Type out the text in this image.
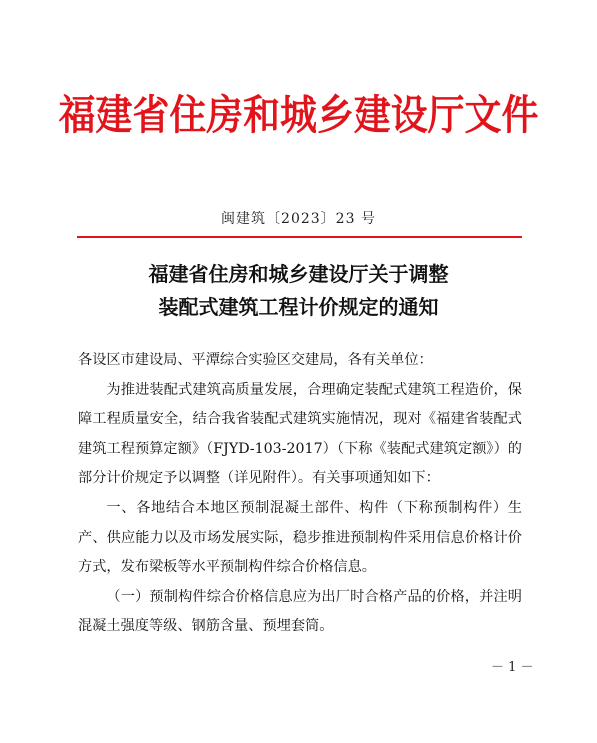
福建省住房和城乡建设厅文件
闽建筑〔2023〕23 号
福建省住房和城乡建设厅关于调整
装配式建筑工程计价规定的通知

各设区市建设局、平潭综合实验区交建局，各有关单位：

为推进装配式建筑高质量发展，合理确定装配式建筑工程造价，保障工程质量安全，结合我省装配式建筑实施情况，现对《福建省装配式建筑工程预算定额》（FJYD-103-2017）（下称《装配式建筑定额》）的部分计价规定予以调整（详见附件）。有关事项通知如下：

一、各地结合本地区预制混凝土部件、构件（下称预制构件）生产、供应能力以及市场发展实际，稳步推进预制构件采用信息价格计价方式，发布梁板等水平预制构件综合价格信息。

（一）预制构件综合价格信息应为出厂时合格产品的价格，并注明混凝土强度等级、钢筋含量、预埋套筒。

－ 1 －
